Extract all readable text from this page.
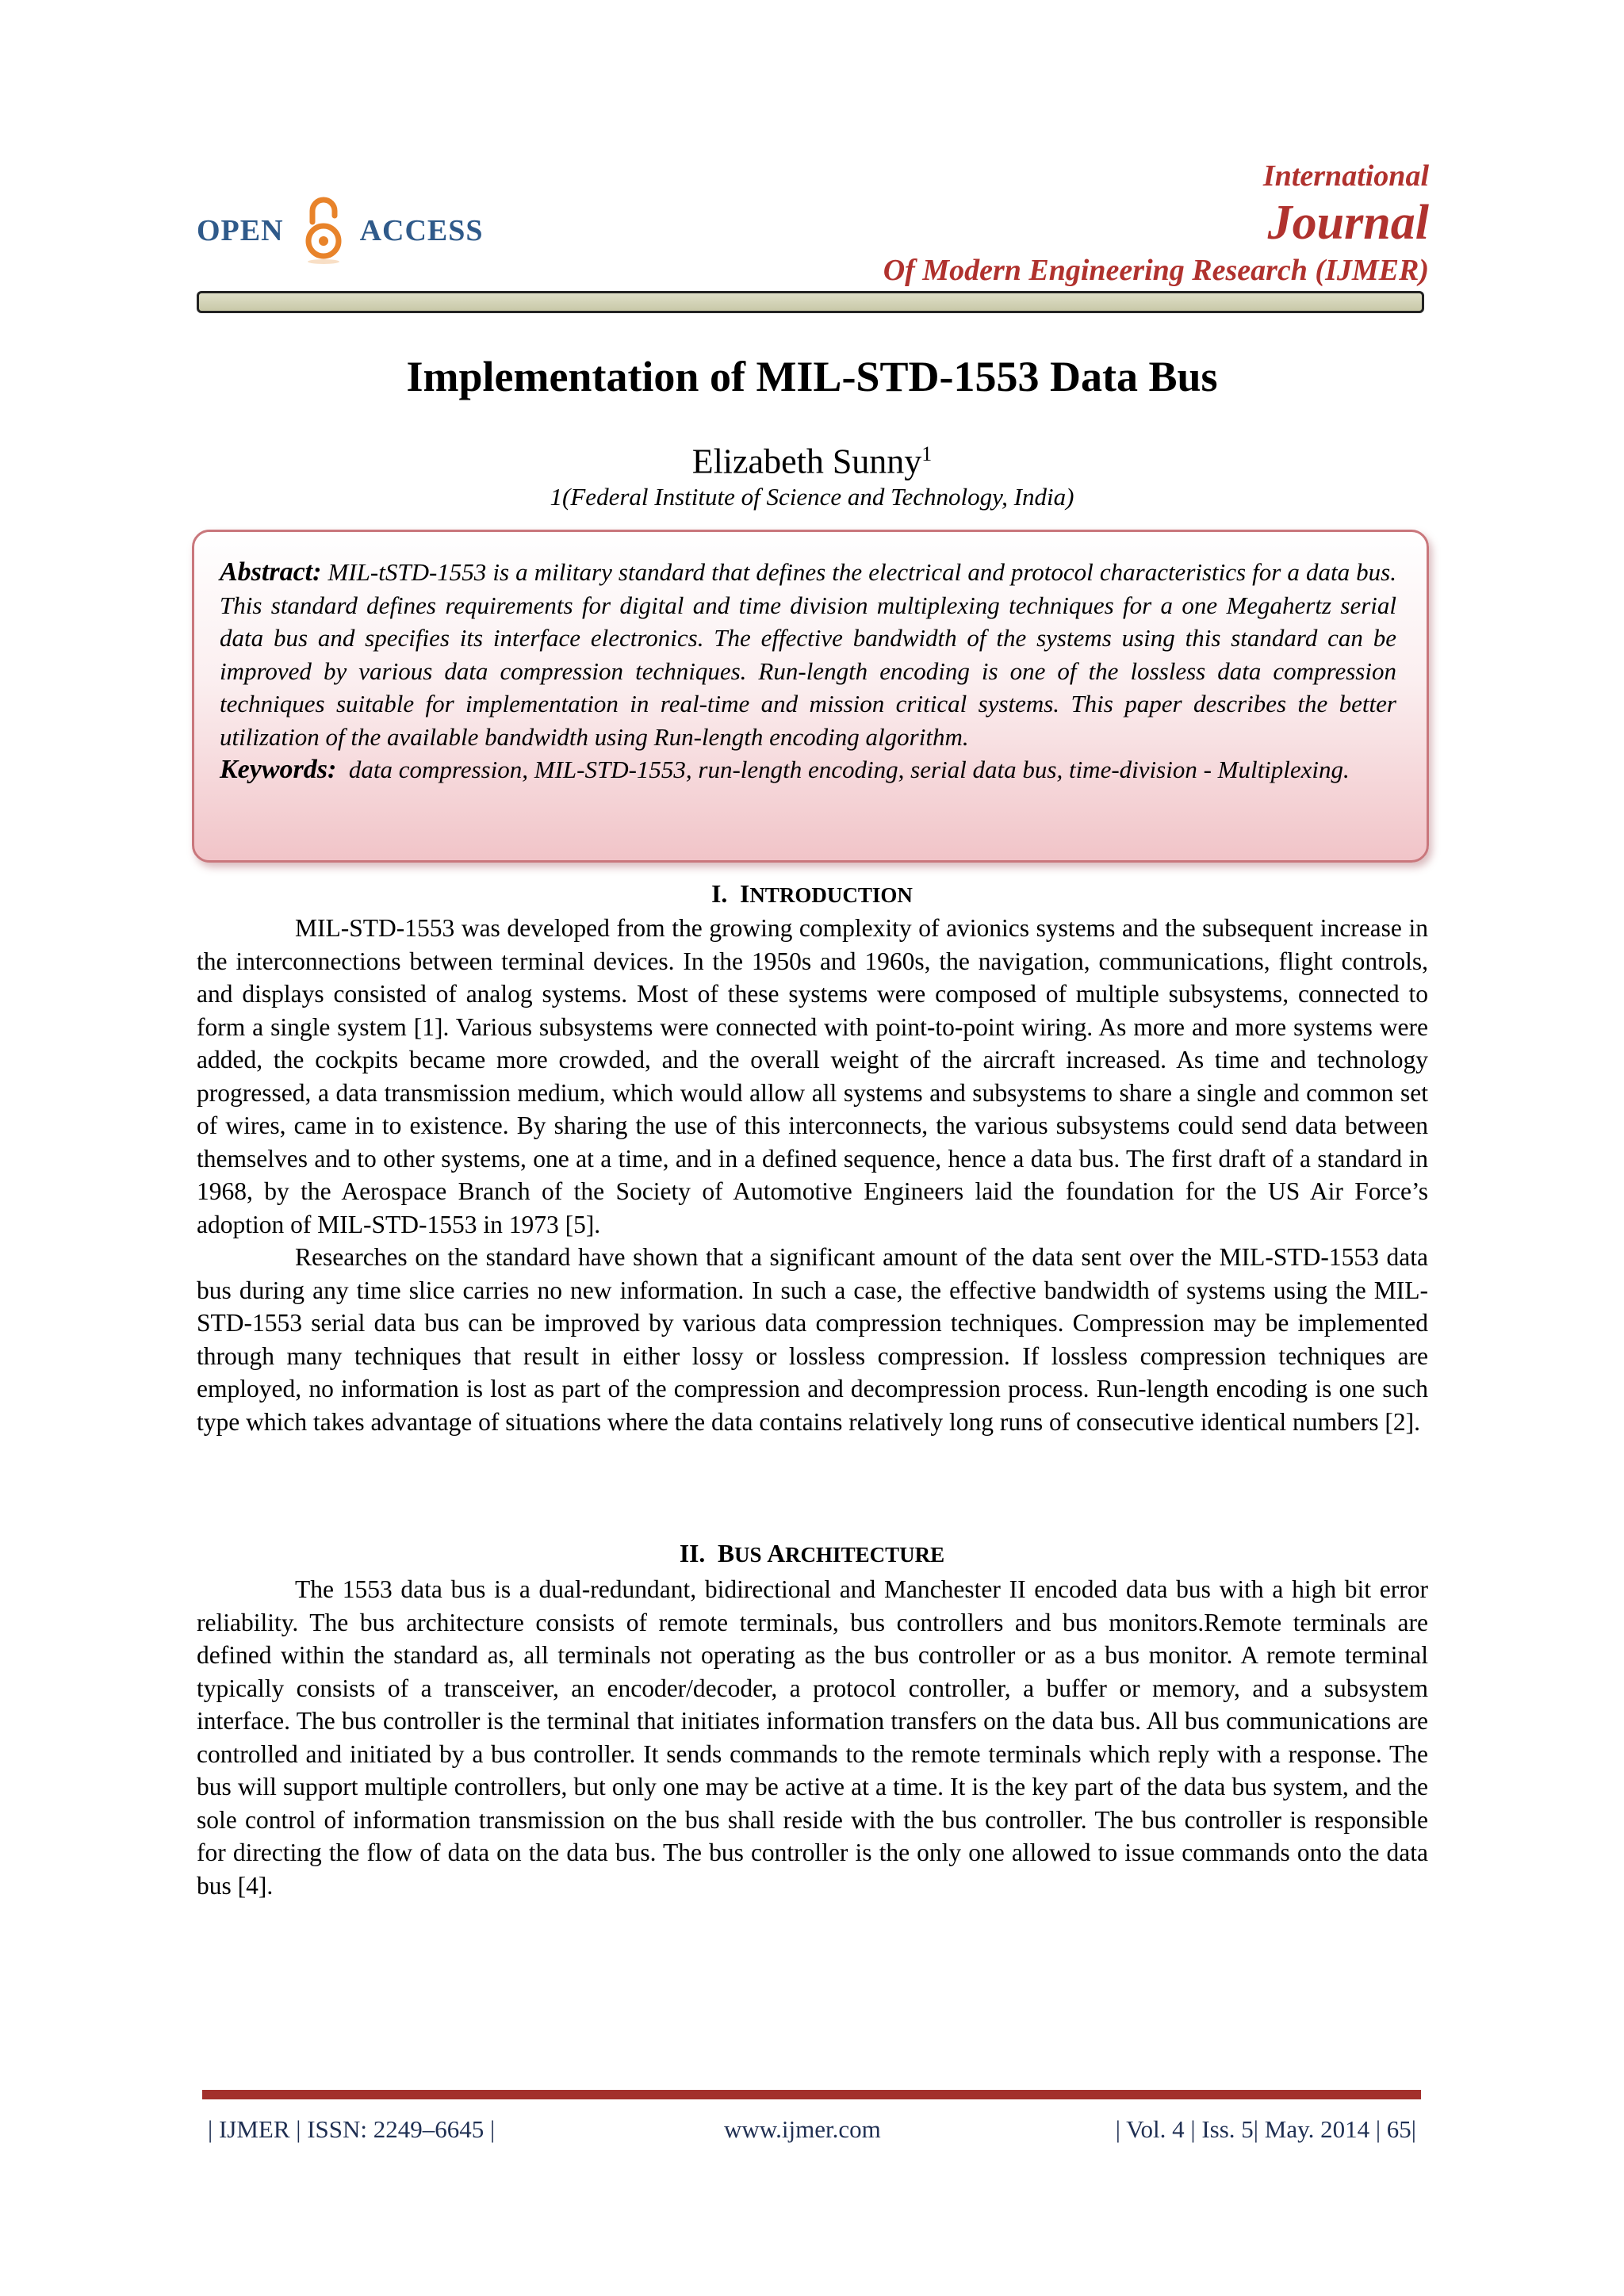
OPEN	ACCESS
International
Journal
Of Modern Engineering Research (IJMER)
Implementation of MIL-STD-1553 Data Bus
Elizabeth Sunny$^1$
1(Federal Institute of Science and Technology, India)

Abstract: MIL-tSTD-1553 is a military standard that defines the electrical and protocol characteristics for a data bus. This standard defines requirements for digital and time division multiplexing techniques for a one Megahertz serial data bus and specifies its interface electronics. The effective bandwidth of the systems using this standard can be improved by various data compression techniques. Run-length encoding is one of the lossless data compression techniques suitable for implementation in real-time and mission critical systems. This paper describes the better utilization of the available bandwidth using Run-length encoding algorithm.

Keywords: data compression, MIL-STD-1553, run-length encoding, serial data bus, time-division - Multiplexing.

I. INTRODUCTION

MIL-STD-1553 was developed from the growing complexity of avionics systems and the subsequent increase in the interconnections between terminal devices. In the 1950s and 1960s, the navigation, communications, flight controls, and displays consisted of analog systems. Most of these systems were composed of multiple subsystems, connected to form a single system [1]. Various subsystems were connected with point-to-point wiring. As more and more systems were added, the cockpits became more crowded, and the overall weight of the aircraft increased. As time and technology progressed, a data transmission medium, which would allow all systems and subsystems to share a single and common set of wires, came in to existence. By sharing the use of this interconnects, the various subsystems could send data between themselves and to other systems, one at a time, and in a defined sequence, hence a data bus. The first draft of a standard in 1968, by the Aerospace Branch of the Society of Automotive Engineers laid the foundation for the US Air Force’s adoption of MIL-STD-1553 in 1973 [5].

Researches on the standard have shown that a significant amount of the data sent over the MIL-STD-1553 data bus during any time slice carries no new information. In such a case, the effective bandwidth of systems using the MIL-STD-1553 serial data bus can be improved by various data compression techniques. Compression may be implemented through many techniques that result in either lossy or lossless compression. If lossless compression techniques are employed, no information is lost as part of the compression and decompression process. Run-length encoding is one such type which takes advantage of situations where the data contains relatively long runs of consecutive identical numbers [2].

II. BUS ARCHITECTURE

The 1553 data bus is a dual-redundant, bidirectional and Manchester II encoded data bus with a high bit error reliability. The bus architecture consists of remote terminals, bus controllers and bus monitors.Remote terminals are defined within the standard as, all terminals not operating as the bus controller or as a bus monitor. A remote terminal typically consists of a transceiver, an encoder/decoder, a protocol controller, a buffer or memory, and a subsystem interface. The bus controller is the terminal that initiates information transfers on the data bus. All bus communications are controlled and initiated by a bus controller. It sends commands to the remote terminals which reply with a response. The bus will support multiple controllers, but only one may be active at a time. It is the key part of the data bus system, and the sole control of information transmission on the bus shall reside with the bus controller. The bus controller is responsible for directing the flow of data on the data bus. The bus controller is the only one allowed to issue commands onto the data bus [4].

| IJMER | ISSN: 2249–6645 |	www.ijmer.com	| Vol. 4 | Iss. 5| May. 2014 | 65|
